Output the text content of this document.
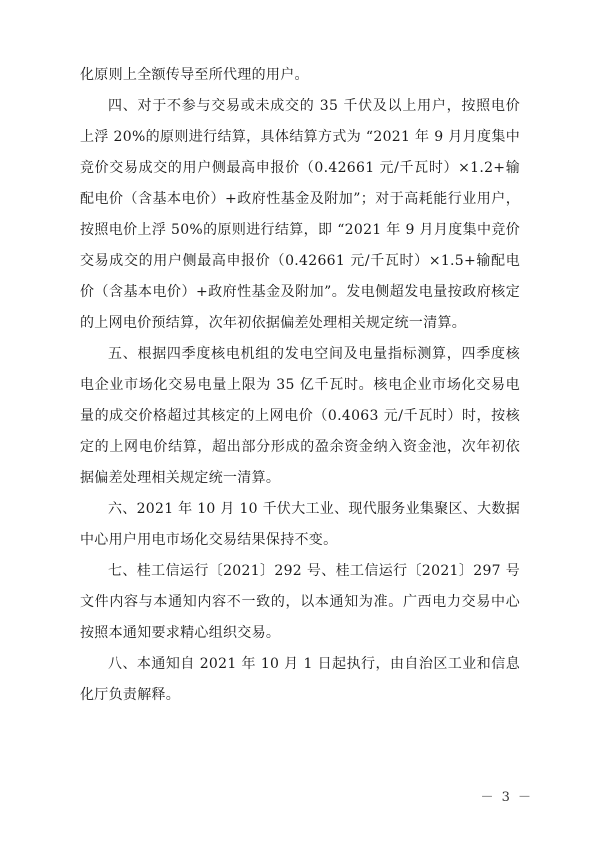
化原则上全额传导至所代理的用户。

四、对于不参与交易或未成交的 35 千伏及以上用户，按照电价上浮 20%的原则进行结算，具体结算方式为 “2021 年 9 月月度集中竞价交易成交的用户侧最高申报价（0.42661 元/千瓦时）×1.2+输配电价（含基本电价）+政府性基金及附加”；对于高耗能行业用户，按照电价上浮 50%的原则进行结算，即 “2021 年 9 月月度集中竞价交易成交的用户侧最高申报价（0.42661 元/千瓦时）×1.5+输配电价（含基本电价）+政府性基金及附加”。发电侧超发电量按政府核定的上网电价预结算，次年初依据偏差处理相关规定统一清算。

五、根据四季度核电机组的发电空间及电量指标测算，四季度核电企业市场化交易电量上限为 35 亿千瓦时。核电企业市场化交易电量的成交价格超过其核定的上网电价（0.4063 元/千瓦时）时，按核定的上网电价结算，超出部分形成的盈余资金纳入资金池，次年初依据偏差处理相关规定统一清算。

六、2021 年 10 月 10 千伏大工业、现代服务业集聚区、大数据中心用户用电市场化交易结果保持不变。

七、桂工信运行〔2021〕292 号、桂工信运行〔2021〕297 号文件内容与本通知内容不一致的，以本通知为准。广西电力交易中心按照本通知要求精心组织交易。

八、本通知自 2021 年 10 月 1 日起执行，由自治区工业和信息化厅负责解释。

－ 3 －
